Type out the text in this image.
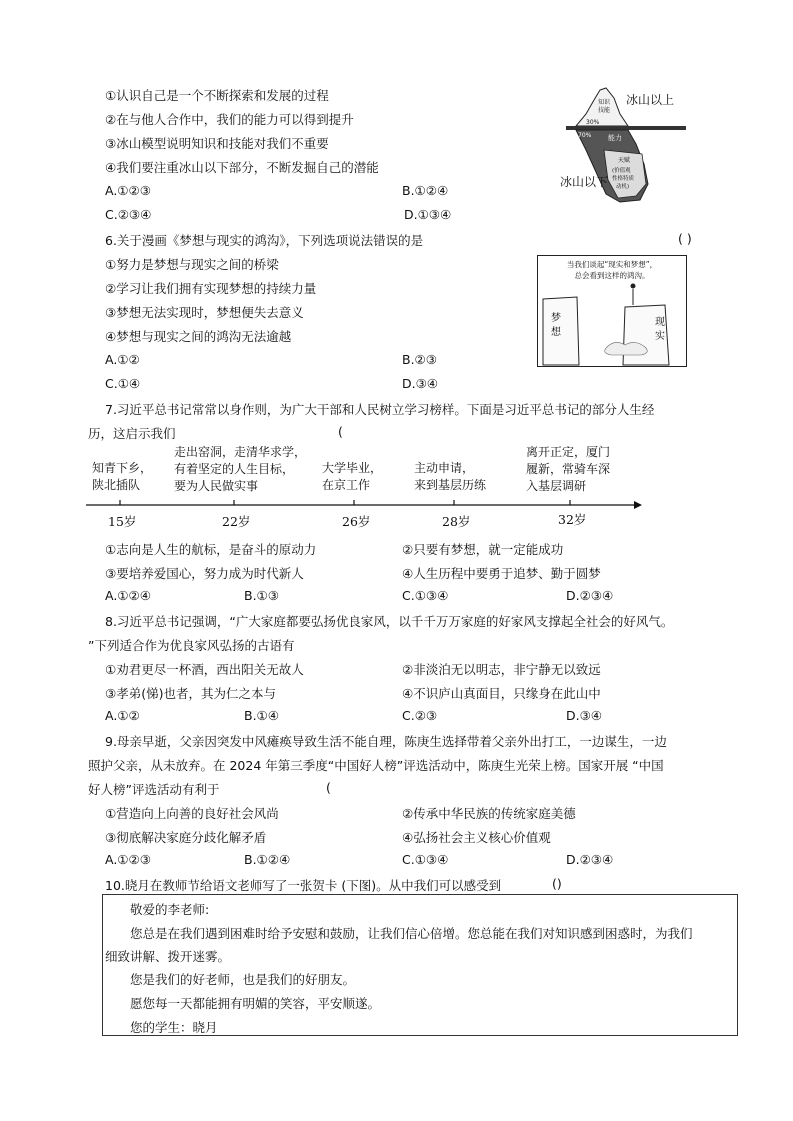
①认识自己是一个不断探索和发展的过程
②在与他人合作中，我们的能力可以得到提升
③冰山模型说明知识和技能对我们不重要
④我们要注重冰山以下部分，不断发掘自己的潜能
A.①②③	B.①②④
C.②③④	D.①③④
知识
技能
30%
70% 能力
天赋
(价值观
性格特质
动机)
冰山以上
冰山以下
6.关于漫画《梦想与现实的鸿沟》，下列选项说法错误的是	( )
①努力是梦想与现实之间的桥梁
②学习让我们拥有实现梦想的持续力量
③梦想无法实现时，梦想便失去意义
④梦想与现实之间的鸿沟无法逾越
A.①②	B.②③
C.①④	D.③④
当我们谈起“现实和梦想”，
总会看到这样的鸿沟。
梦
想
现
实
7.习近平总书记常常以身作则，为广大干部和人民树立学习榜样。下面是习近平总书记的部分人生经
历，这启示我们	(
知青下乡，
陕北插队
走出窑洞，走清华求学，
有着坚定的人生目标，
要为人民做实事
大学毕业，
在京工作
主动申请，
来到基层历练
离开正定，厦门
履新，常骑车深
入基层调研
15岁	22岁	26岁	28岁	32岁
①志向是人生的航标，是奋斗的原动力	②只要有梦想，就一定能成功
③要培养爱国心，努力成为时代新人	④人生历程中要勇于追梦、勤于圆梦
A.①②④	B.①③	C.①③④	D.②③④
8.习近平总书记强调，“广大家庭都要弘扬优良家风，以千千万万家庭的好家风支撑起全社会的好风气。
”下列适合作为优良家风弘扬的古语有
①劝君更尽一杯酒，西出阳关无故人	②非淡泊无以明志，非宁静无以致远
③孝弟(悌)也者，其为仁之本与	④不识庐山真面目，只缘身在此山中
A.①②	B.①④	C.②③	D.③④
9.母亲早逝，父亲因突发中风瘫痪导致生活不能自理，陈庚生选择带着父亲外出打工，一边谋生，一边
照护父亲，从未放弃。在 2024 年第三季度“中国好人榜”评选活动中，陈庚生光荣上榜。国家开展 “中国
好人榜”评选活动有利于	(
①营造向上向善的良好社会风尚	②传承中华民族的传统家庭美德
③彻底解决家庭分歧化解矛盾	④弘扬社会主义核心价值观
A.①②③	B.①②④	C.①③④	D.②③④
10.晓月在教师节给语文老师写了一张贺卡 (下图)。从中我们可以感受到	()
敬爱的李老师:
您总是在我们遇到困难时给予安慰和鼓励，让我们信心倍增。您总能在我们对知识感到困惑时，为我们
细致讲解、拨开迷雾。
您是我们的好老师，也是我们的好朋友。
愿您每一天都能拥有明媚的笑容，平安顺遂。
您的学生：晓月
